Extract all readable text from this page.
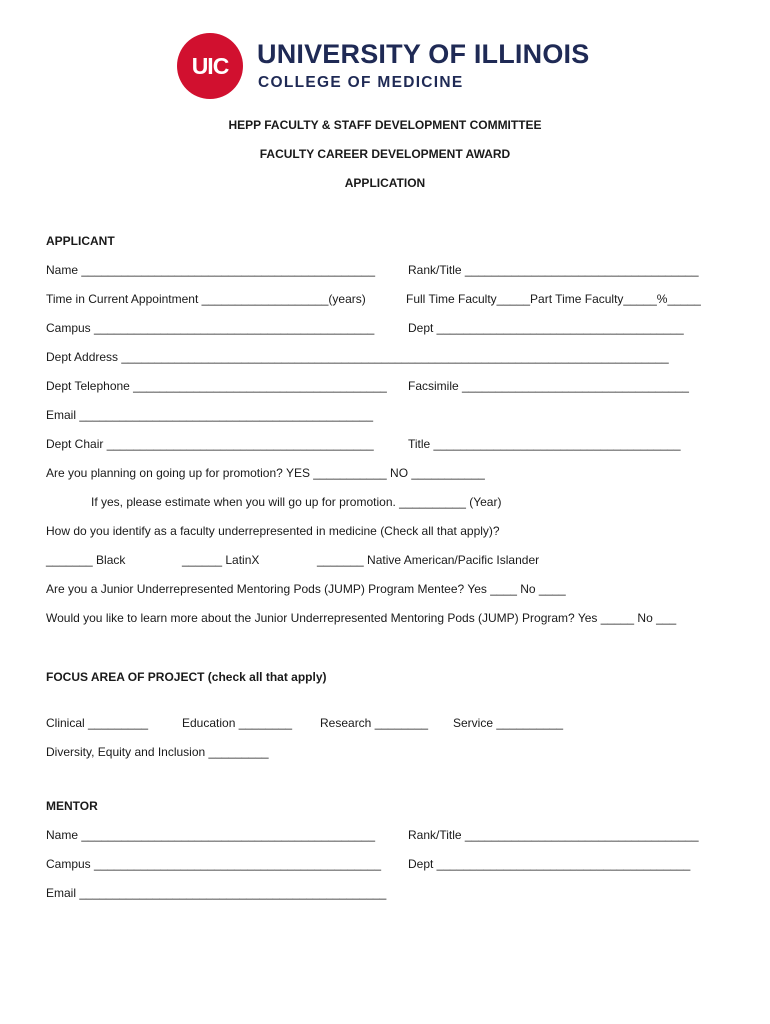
UIC	UNIVERSITY OF ILLINOIS
COLLEGE OF MEDICINE
HEPP FACULTY & STAFF DEVELOPMENT COMMITTEE
FACULTY CAREER DEVELOPMENT AWARD
APPLICATION
APPLICANT
Name ____________________________________________	Rank/Title ___________________________________
Time in Current Appointment ___________________(years)	Full Time Faculty_____Part Time Faculty_____%_____
Campus __________________________________________	Dept _____________________________________
Dept Address __________________________________________________________________________________
Dept Telephone ______________________________________ Facsimile __________________________________
Email ____________________________________________
Dept Chair ________________________________________	Title _____________________________________
Are you planning on going up for promotion? YES ___________ NO ___________
If yes, please estimate when you will go up for promotion. __________ (Year)
How do you identify as a faculty underrepresented in medicine (Check all that apply)?
_______ Black	______ LatinX	_______ Native American/Pacific Islander
Are you a Junior Underrepresented Mentoring Pods (JUMP) Program Mentee? Yes ____ No ____
Would you like to learn more about the Junior Underrepresented Mentoring Pods (JUMP) Program? Yes _____ No ___
FOCUS AREA OF PROJECT (check all that apply)
Clinical _________	Education ________ Research ________ Service __________
Diversity, Equity and Inclusion _________
MENTOR
Name ____________________________________________	Rank/Title ___________________________________
Campus ___________________________________________ Dept ______________________________________
Email ______________________________________________
